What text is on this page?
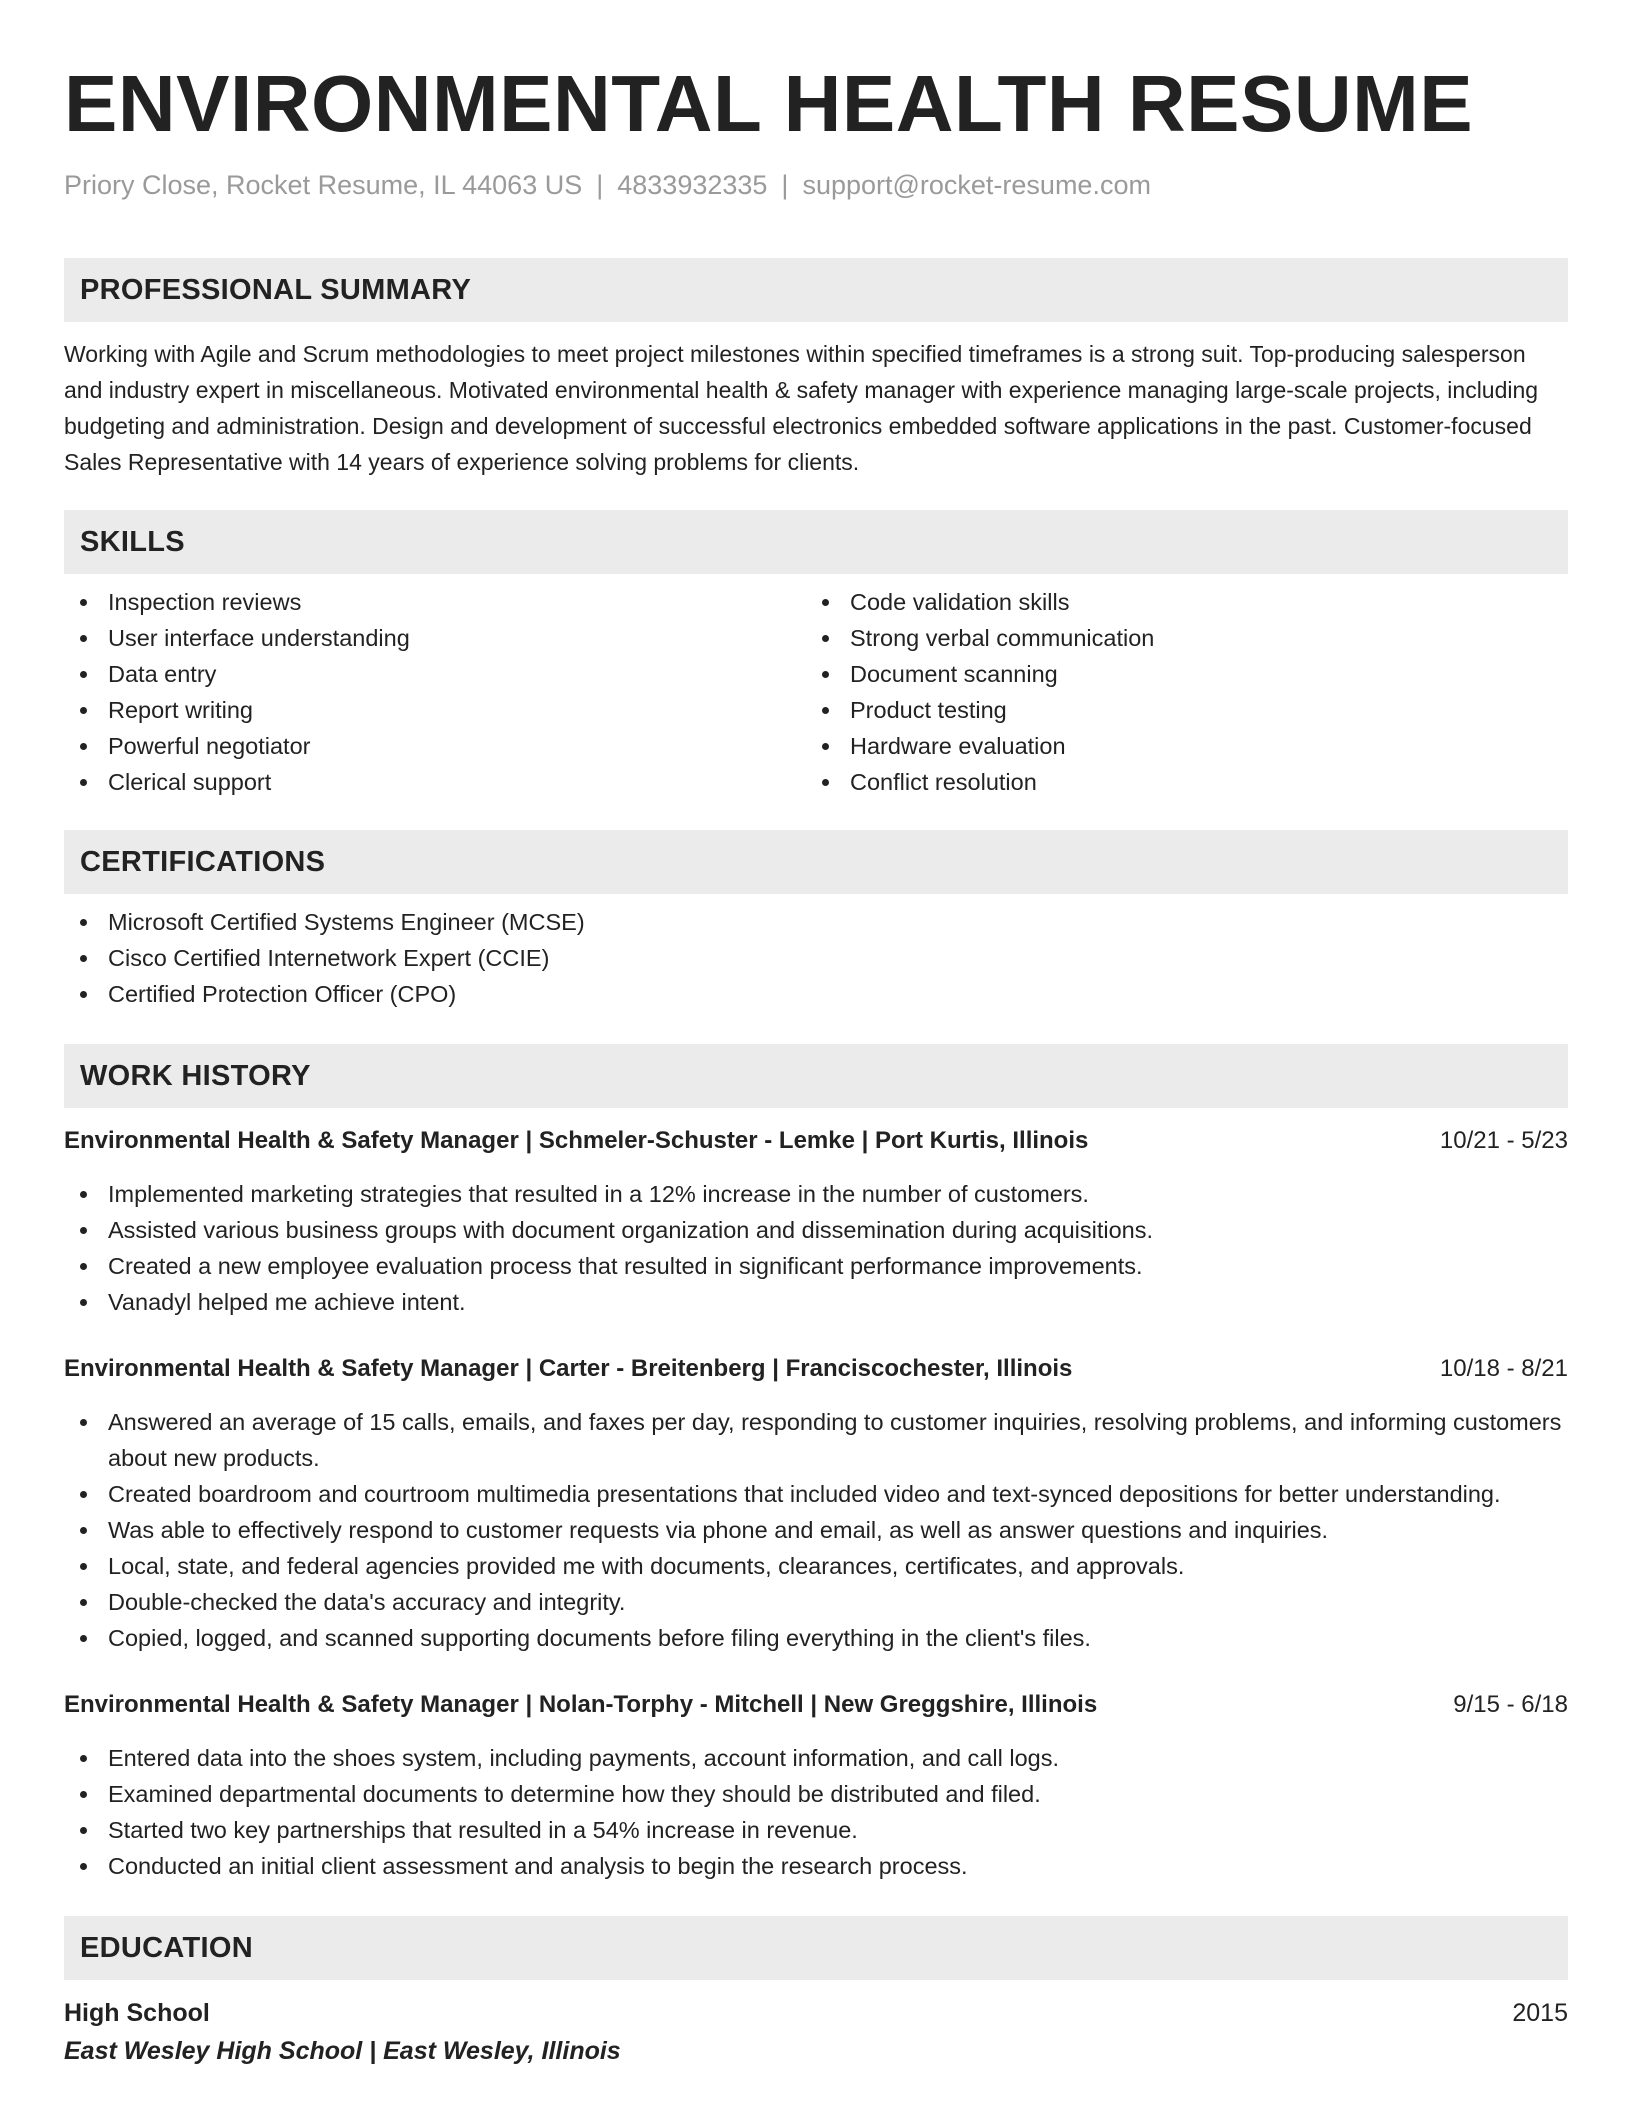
ENVIRONMENTAL HEALTH RESUME
Priory Close, Rocket Resume, IL 44063 US | 4833932335 | support@rocket-resume.com
PROFESSIONAL SUMMARY

Working with Agile and Scrum methodologies to meet project milestones within specified timeframes is a strong suit. Top-producing salesperson and industry expert in miscellaneous. Motivated environmental health & safety manager with experience managing large-scale projects, including budgeting and administration. Design and development of successful electronics embedded software applications in the past. Customer-focused Sales Representative with 14 years of experience solving problems for clients.

SKILLS
Inspection reviews
User interface understanding
Data entry
Report writing
Powerful negotiator
Clerical support
Code validation skills
Strong verbal communication
Document scanning
Product testing
Hardware evaluation
Conflict resolution
CERTIFICATIONS
Microsoft Certified Systems Engineer (MCSE)
Cisco Certified Internetwork Expert (CCIE)
Certified Protection Officer (CPO)
WORK HISTORY
Environmental Health & Safety Manager | Schmeler-Schuster - Lemke | Port Kurtis, Illinois	10/21 - 5/23
Implemented marketing strategies that resulted in a 12% increase in the number of customers.
Assisted various business groups with document organization and dissemination during acquisitions.
Created a new employee evaluation process that resulted in significant performance improvements.
Vanadyl helped me achieve intent.
Environmental Health & Safety Manager | Carter - Breitenberg | Franciscochester, Illinois	10/18 - 8/21
Answered an average of 15 calls, emails, and faxes per day, responding to customer inquiries, resolving problems, and informing customers about new products.
Created boardroom and courtroom multimedia presentations that included video and text-synced depositions for better understanding.
Was able to effectively respond to customer requests via phone and email, as well as answer questions and inquiries.
Local, state, and federal agencies provided me with documents, clearances, certificates, and approvals.
Double-checked the data's accuracy and integrity.
Copied, logged, and scanned supporting documents before filing everything in the client's files.
Environmental Health & Safety Manager | Nolan-Torphy - Mitchell | New Greggshire, Illinois	9/15 - 6/18
Entered data into the shoes system, including payments, account information, and call logs.
Examined departmental documents to determine how they should be distributed and filed.
Started two key partnerships that resulted in a 54% increase in revenue.
Conducted an initial client assessment and analysis to begin the research process.
EDUCATION
High School	2015
East Wesley High School | East Wesley, Illinois
